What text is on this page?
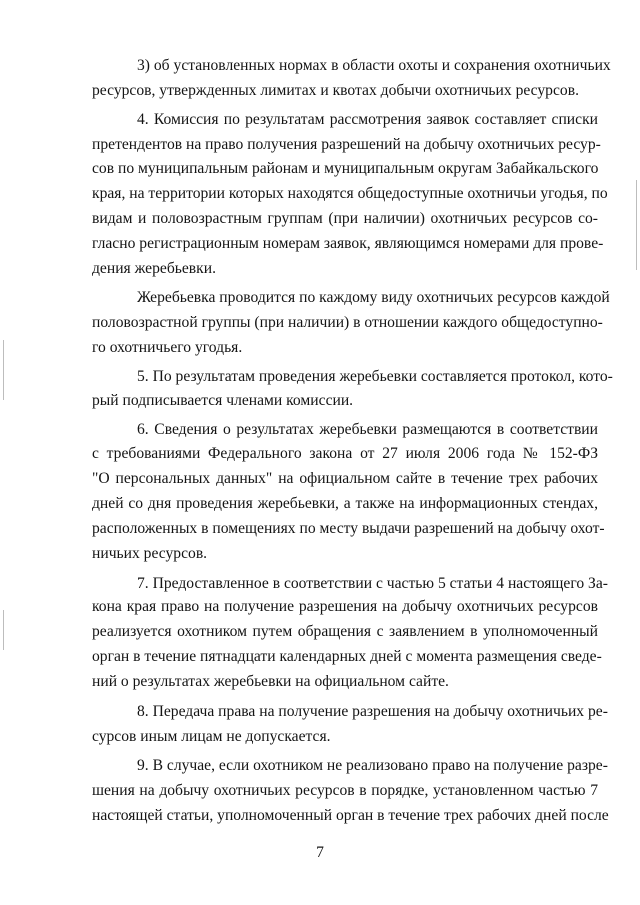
3) об установленных нормах в области охоты и сохранения охотничьих
ресурсов, утвержденных лимитах и квотах добычи охотничьих ресурсов.
4. Комиссия по результатам рассмотрения заявок составляет списки
претендентов на право получения разрешений на добычу охотничьих ресур-
сов по муниципальным районам и муниципальным округам Забайкальского
края, на территории которых находятся общедоступные охотничьи угодья, по
видам и половозрастным группам (при наличии) охотничьих ресурсов со-
гласно регистрационным номерам заявок, являющимся номерами для прове-
дения жеребьевки.
Жеребьевка проводится по каждому виду охотничьих ресурсов каждой
половозрастной группы (при наличии) в отношении каждого общедоступно-
го охотничьего угодья.
5. По результатам проведения жеребьевки составляется протокол, кото-
рый подписывается членами комиссии.
6. Сведения о результатах жеребьевки размещаются в соответствии
с требованиями Федерального закона от 27 июля 2006 года № 152-ФЗ
"О персональных данных" на официальном сайте в течение трех рабочих
дней со дня проведения жеребьевки, а также на информационных стендах,
расположенных в помещениях по месту выдачи разрешений на добычу охот-
ничьих ресурсов.
7. Предоставленное в соответствии с частью 5 статьи 4 настоящего За-
кона края право на получение разрешения на добычу охотничьих ресурсов
реализуется охотником путем обращения с заявлением в уполномоченный
орган в течение пятнадцати календарных дней с момента размещения сведе-
ний о результатах жеребьевки на официальном сайте.
8. Передача права на получение разрешения на добычу охотничьих ре-
сурсов иным лицам не допускается.
9. В случае, если охотником не реализовано право на получение разре-
шения на добычу охотничьих ресурсов в порядке, установленном частью 7
настоящей статьи, уполномоченный орган в течение трех рабочих дней после
7
